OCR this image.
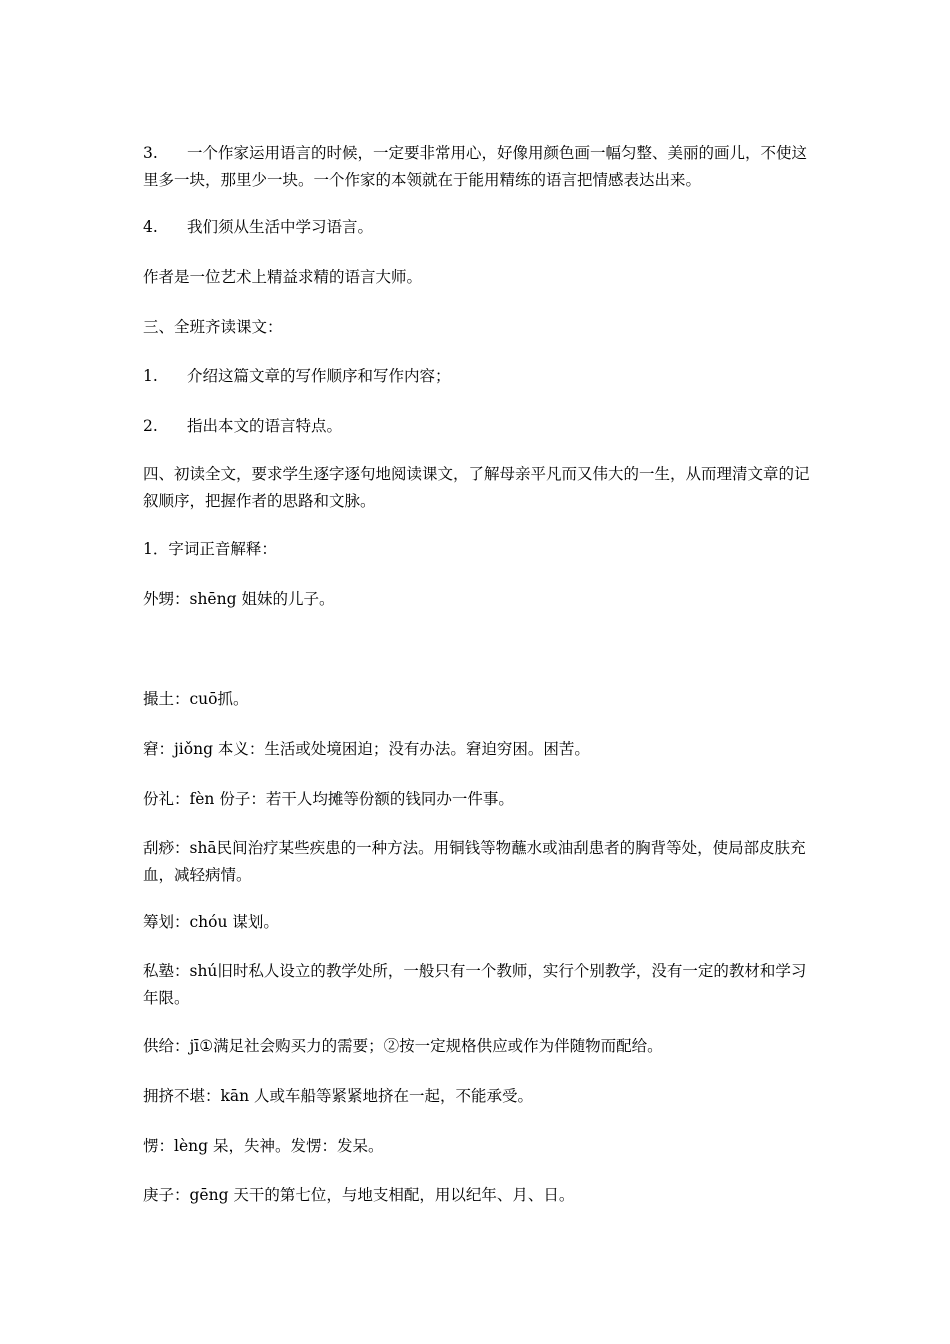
3. 一个作家运用语言的时候，一定要非常用心，好像用颜色画一幅匀整、美丽的画儿，不使这里多一块，那里少一块。一个作家的本领就在于能用精练的语言把情感表达出来。

4. 我们须从生活中学习语言。

作者是一位艺术上精益求精的语言大师。

三、全班齐读课文：

1. 介绍这篇文章的写作顺序和写作内容；

2. 指出本文的语言特点。

四、初读全文，要求学生逐字逐句地阅读课文，了解母亲平凡而又伟大的一生，从而理清文章的记叙顺序，把握作者的思路和文脉。

1．字词正音解释：

外甥：shēng 姐妹的儿子。

撮土：cuō抓。

窘：jiǒng 本义：生活或处境困迫；没有办法。窘迫穷困。困苦。

份礼：fèn 份子：若干人均摊等份额的钱同办一件事。

刮痧：shā民间治疗某些疾患的一种方法。用铜钱等物蘸水或油刮患者的胸背等处，使局部皮肤充血，减轻病情。

筹划：chóu 谋划。

私塾：shú旧时私人设立的教学处所，一般只有一个教师，实行个别教学，没有一定的教材和学习年限。

供给：jī①满足社会购买力的需要；②按一定规格供应或作为伴随物而配给。

拥挤不堪：kān 人或车船等紧紧地挤在一起，不能承受。

愣：lèng 呆，失神。发愣：发呆。

庚子：gēng 天干的第七位，与地支相配，用以纪年、月、日。
